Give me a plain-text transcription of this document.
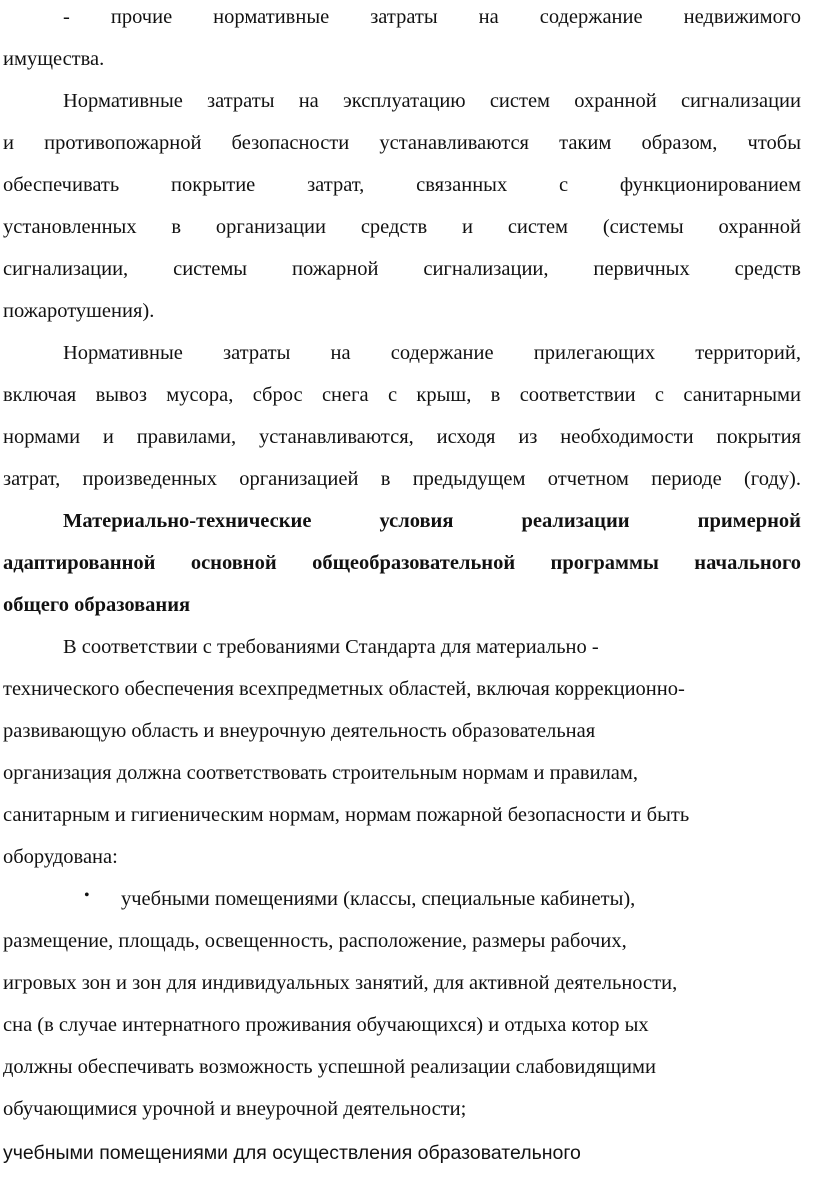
- прочие нормативные затраты на содержание недвижимого
имущества.
Нормативные затраты на эксплуатацию систем охранной сигнализации
и противопожарной безопасности устанавливаются таким образом, чтобы
обеспечивать покрытие затрат, связанных с функционированием
установленных в организации средств и систем (системы охранной
сигнализации, системы пожарной сигнализации, первичных средств
пожаротушения).
Нормативные затраты на содержание прилегающих территорий,
включая вывоз мусора, сброс снега с крыш, в соответствии с санитарными
нормами и правилами, устанавливаются, исходя из необходимости покрытия
затрат, произведенных организацией в предыдущем отчетном периоде (году).
Материально-технические условия реализации примерной
адаптированной основной общеобразовательной программы начального
общего образования
В соответствии с требованиями Стандарта для материально -
технического обеспечения всехпредметных областей, включая коррекционно-
развивающую область и внеурочную деятельность образовательная
организация должна соответствовать строительным нормам и правилам,
санитарным и гигиеническим нормам, нормам пожарной безопасности и быть
оборудована:
учебными помещениями (классы, специальные кабинеты),
размещение, площадь, освещенность, расположение, размеры рабочих,
игровых зон и зон для индивидуальных занятий, для активной деятельности,
сна (в случае интернатного проживания обучающихся) и отдыха котор ых
должны обеспечивать возможность успешной реализации слабовидящими
обучающимися урочной и внеурочной деятельности;
учебными помещениями для осуществления образовательного
•
